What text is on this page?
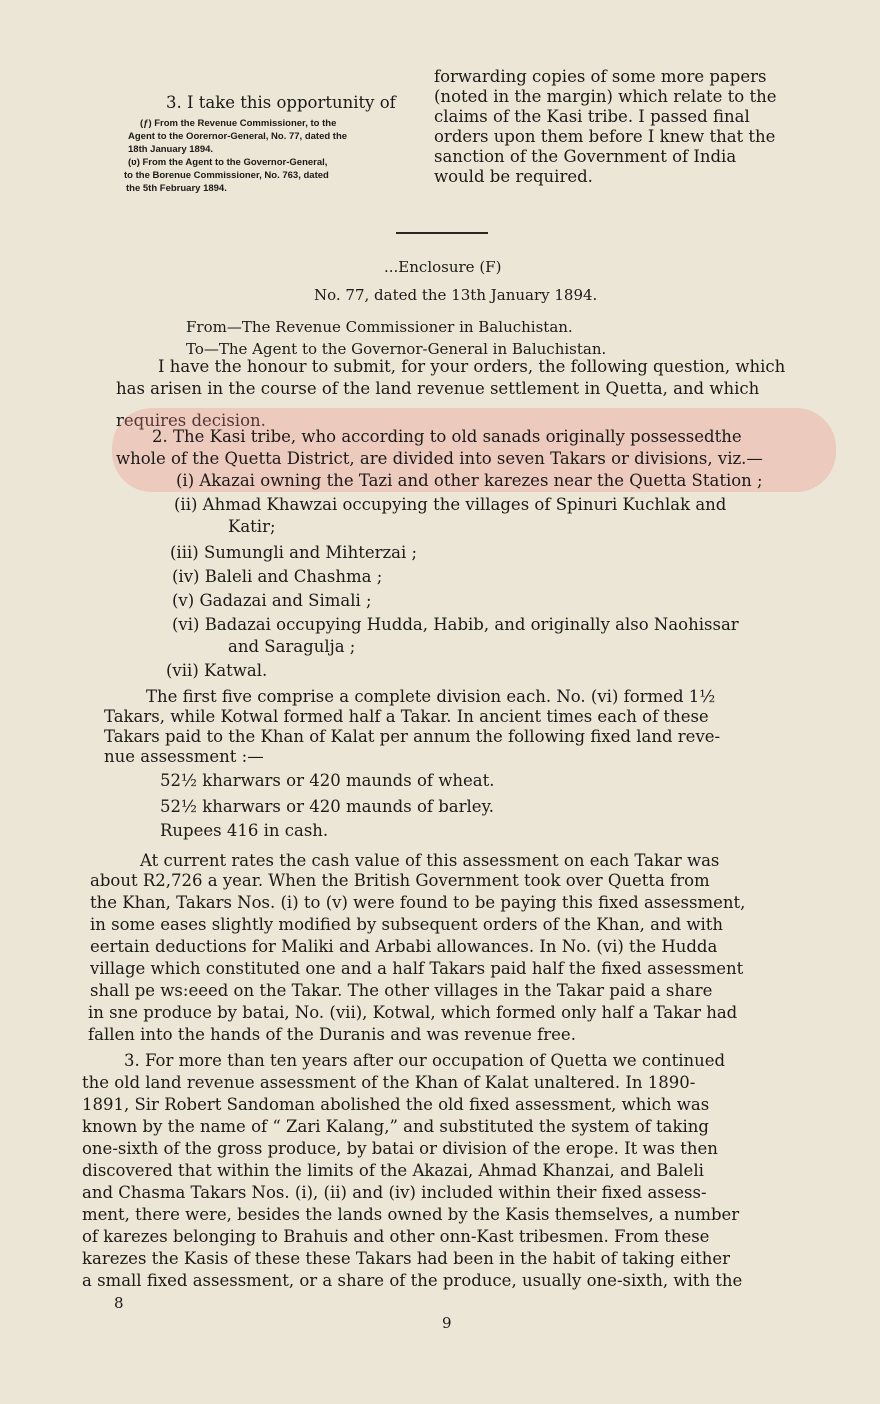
3. I take this opportunity of
forwarding copies of some more papers
(noted in the margin) which relate to the
claims of the Kasi tribe. I passed final
orders upon them before I knew that the
sanction of the Government of India
would be required.
(ƒ) From the Revenue Commissioner, to the
Agent to the Oorernor-General, No. 77, dated the
18th January 1894.
(ʋ) From the Agent to the Governor-General,
to the Borenue Commissioner, No. 763, dated
the 5th February 1894.
...Enclosure (F)
No. 77, dated the 13th January 1894.
From—The Revenue Commissioner in Baluchistan.
To—The Agent to the Governor-General in Baluchistan.
I have the honour to submit, for your orders, the following question, which
has arisen in the course of the land revenue settlement in Quetta, and which
requires decision.
2. The Kasi tribe, who according to old sanads originally possessedthe
whole of the Quetta District, are divided into seven Takars or divisions, viz.—
(i) Akazai owning the Tazi and other karezes near the Quetta Station ;
(ii) Ahmad Khawzai occupying the villages of Spinuri Kuchlak and
Katir;
(iii) Sumungli and Mihterzai ;
(iv) Baleli and Chashma ;
(v) Gadazai and Simali ;
(vi) Badazai occupying Hudda, Habib, and originally also Naohissar
and Saragulja ;
(vii) Katwal.
The first five comprise a complete division each. No. (vi) formed 1½
Takars, while Kotwal formed half a Takar. In ancient times each of these
Takars paid to the Khan of Kalat per annum the following fixed land reve-
nue assessment :—
52½ kharwars or 420 maunds of wheat.
52½ kharwars or 420 maunds of barley.
Rupees 416 in cash.
At current rates the cash value of this assessment on each Takar was
about R2,726 a year. When the British Government took over Quetta from
the Khan, Takars Nos. (i) to (v) were found to be paying this fixed assessment,
in some eases slightly modified by subsequent orders of the Khan, and with
eertain deductions for Maliki and Arbabi allowances. In No. (vi) the Hudda
village which constituted one and a half Takars paid half the fixed assessment
shall pe ws:eeed on the Takar. The other villages in the Takar paid a share
in sne produce by batai, No. (vii), Kotwal, which formed only half a Takar had
fallen into the hands of the Duranis and was revenue free.
3. For more than ten years after our occupation of Quetta we continued
the old land revenue assessment of the Khan of Kalat unaltered. In 1890-
1891, Sir Robert Sandoman abolished the old fixed assessment, which was
known by the name of “ Zari Kalang,” and substituted the system of taking
one-sixth of the gross produce, by batai or division of the erope. It was then
discovered that within the limits of the Akazai, Ahmad Khanzai, and Baleli
and Chasma Takars Nos. (i), (ii) and (iv) included within their fixed assess-
ment, there were, besides the lands owned by the Kasis themselves, a number
of karezes belonging to Brahuis and other onn-Kast tribesmen. From these
karezes the Kasis of these these Takars had been in the habit of taking either
a small fixed assessment, or a share of the produce, usually one-sixth, with the
8
9
